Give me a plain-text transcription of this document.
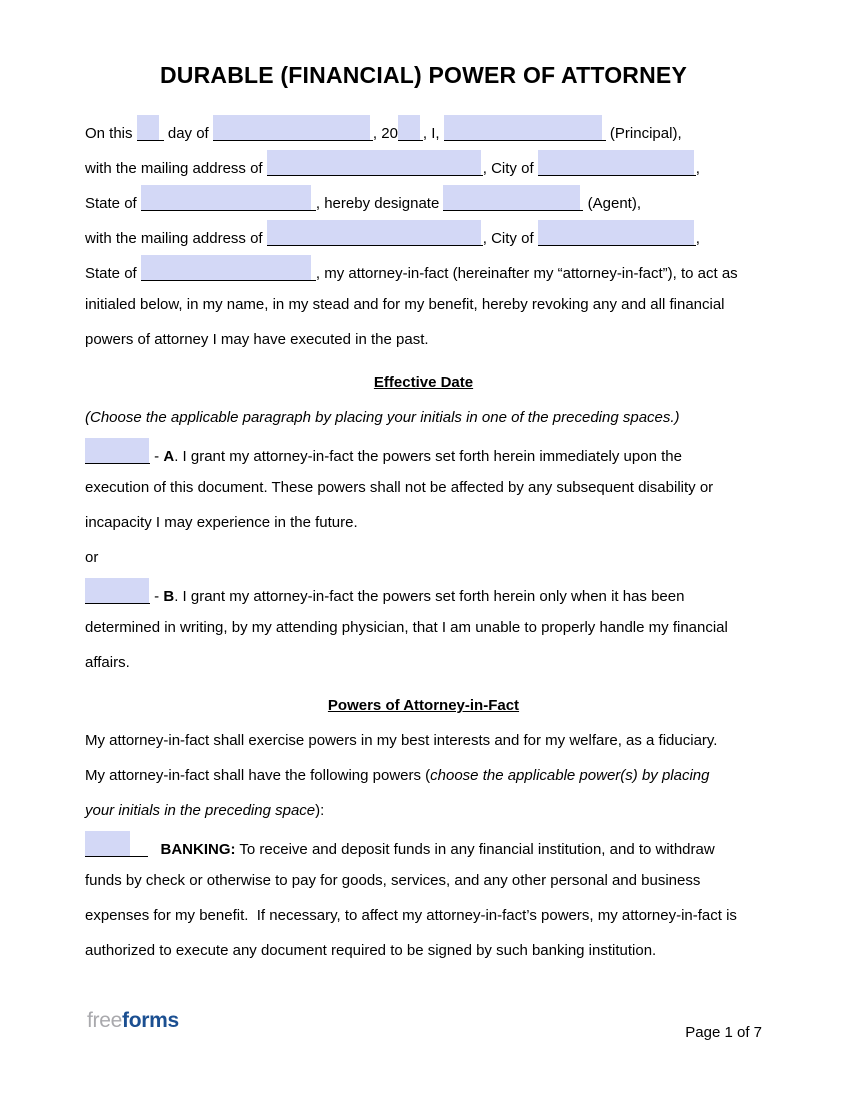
DURABLE (FINANCIAL) POWER OF ATTORNEY
On this
day of	, 20 , I,	(Principal),
with the mailing address of	, City of	,
State of	, hereby designate	(Agent),
with the mailing address of	, City of	,
State of	, my attorney-in-fact (hereinafter my “attorney-in-fact”), to act as
initialed below, in my name, in my stead and for my benefit, hereby revoking any and all financial
powers of attorney I may have executed in the past.
Effective Date
(Choose the applicable paragraph by placing your initials in one of the preceding spaces.)
- A. I grant my attorney-in-fact the powers set forth herein immediately upon the
execution of this document. These powers shall not be affected by any subsequent disability or
incapacity I may experience in the future.
or
- B. I grant my attorney-in-fact the powers set forth herein only when it has been
determined in writing, by my attending physician, that I am unable to properly handle my financial
affairs.
Powers of Attorney-in-Fact
My attorney-in-fact shall exercise powers in my best interests and for my welfare, as a fiduciary.
My attorney-in-fact shall have the following powers (choose the applicable power(s) by placing
your initials in the preceding space):
BANKING: To receive and deposit funds in any financial institution, and to withdraw
funds by check or otherwise to pay for goods, services, and any other personal and business
expenses for my benefit.  If necessary, to affect my attorney-in-fact’s powers, my attorney-in-fact is
authorized to execute any document required to be signed by such banking institution.
freeforms
Page 1 of 7
